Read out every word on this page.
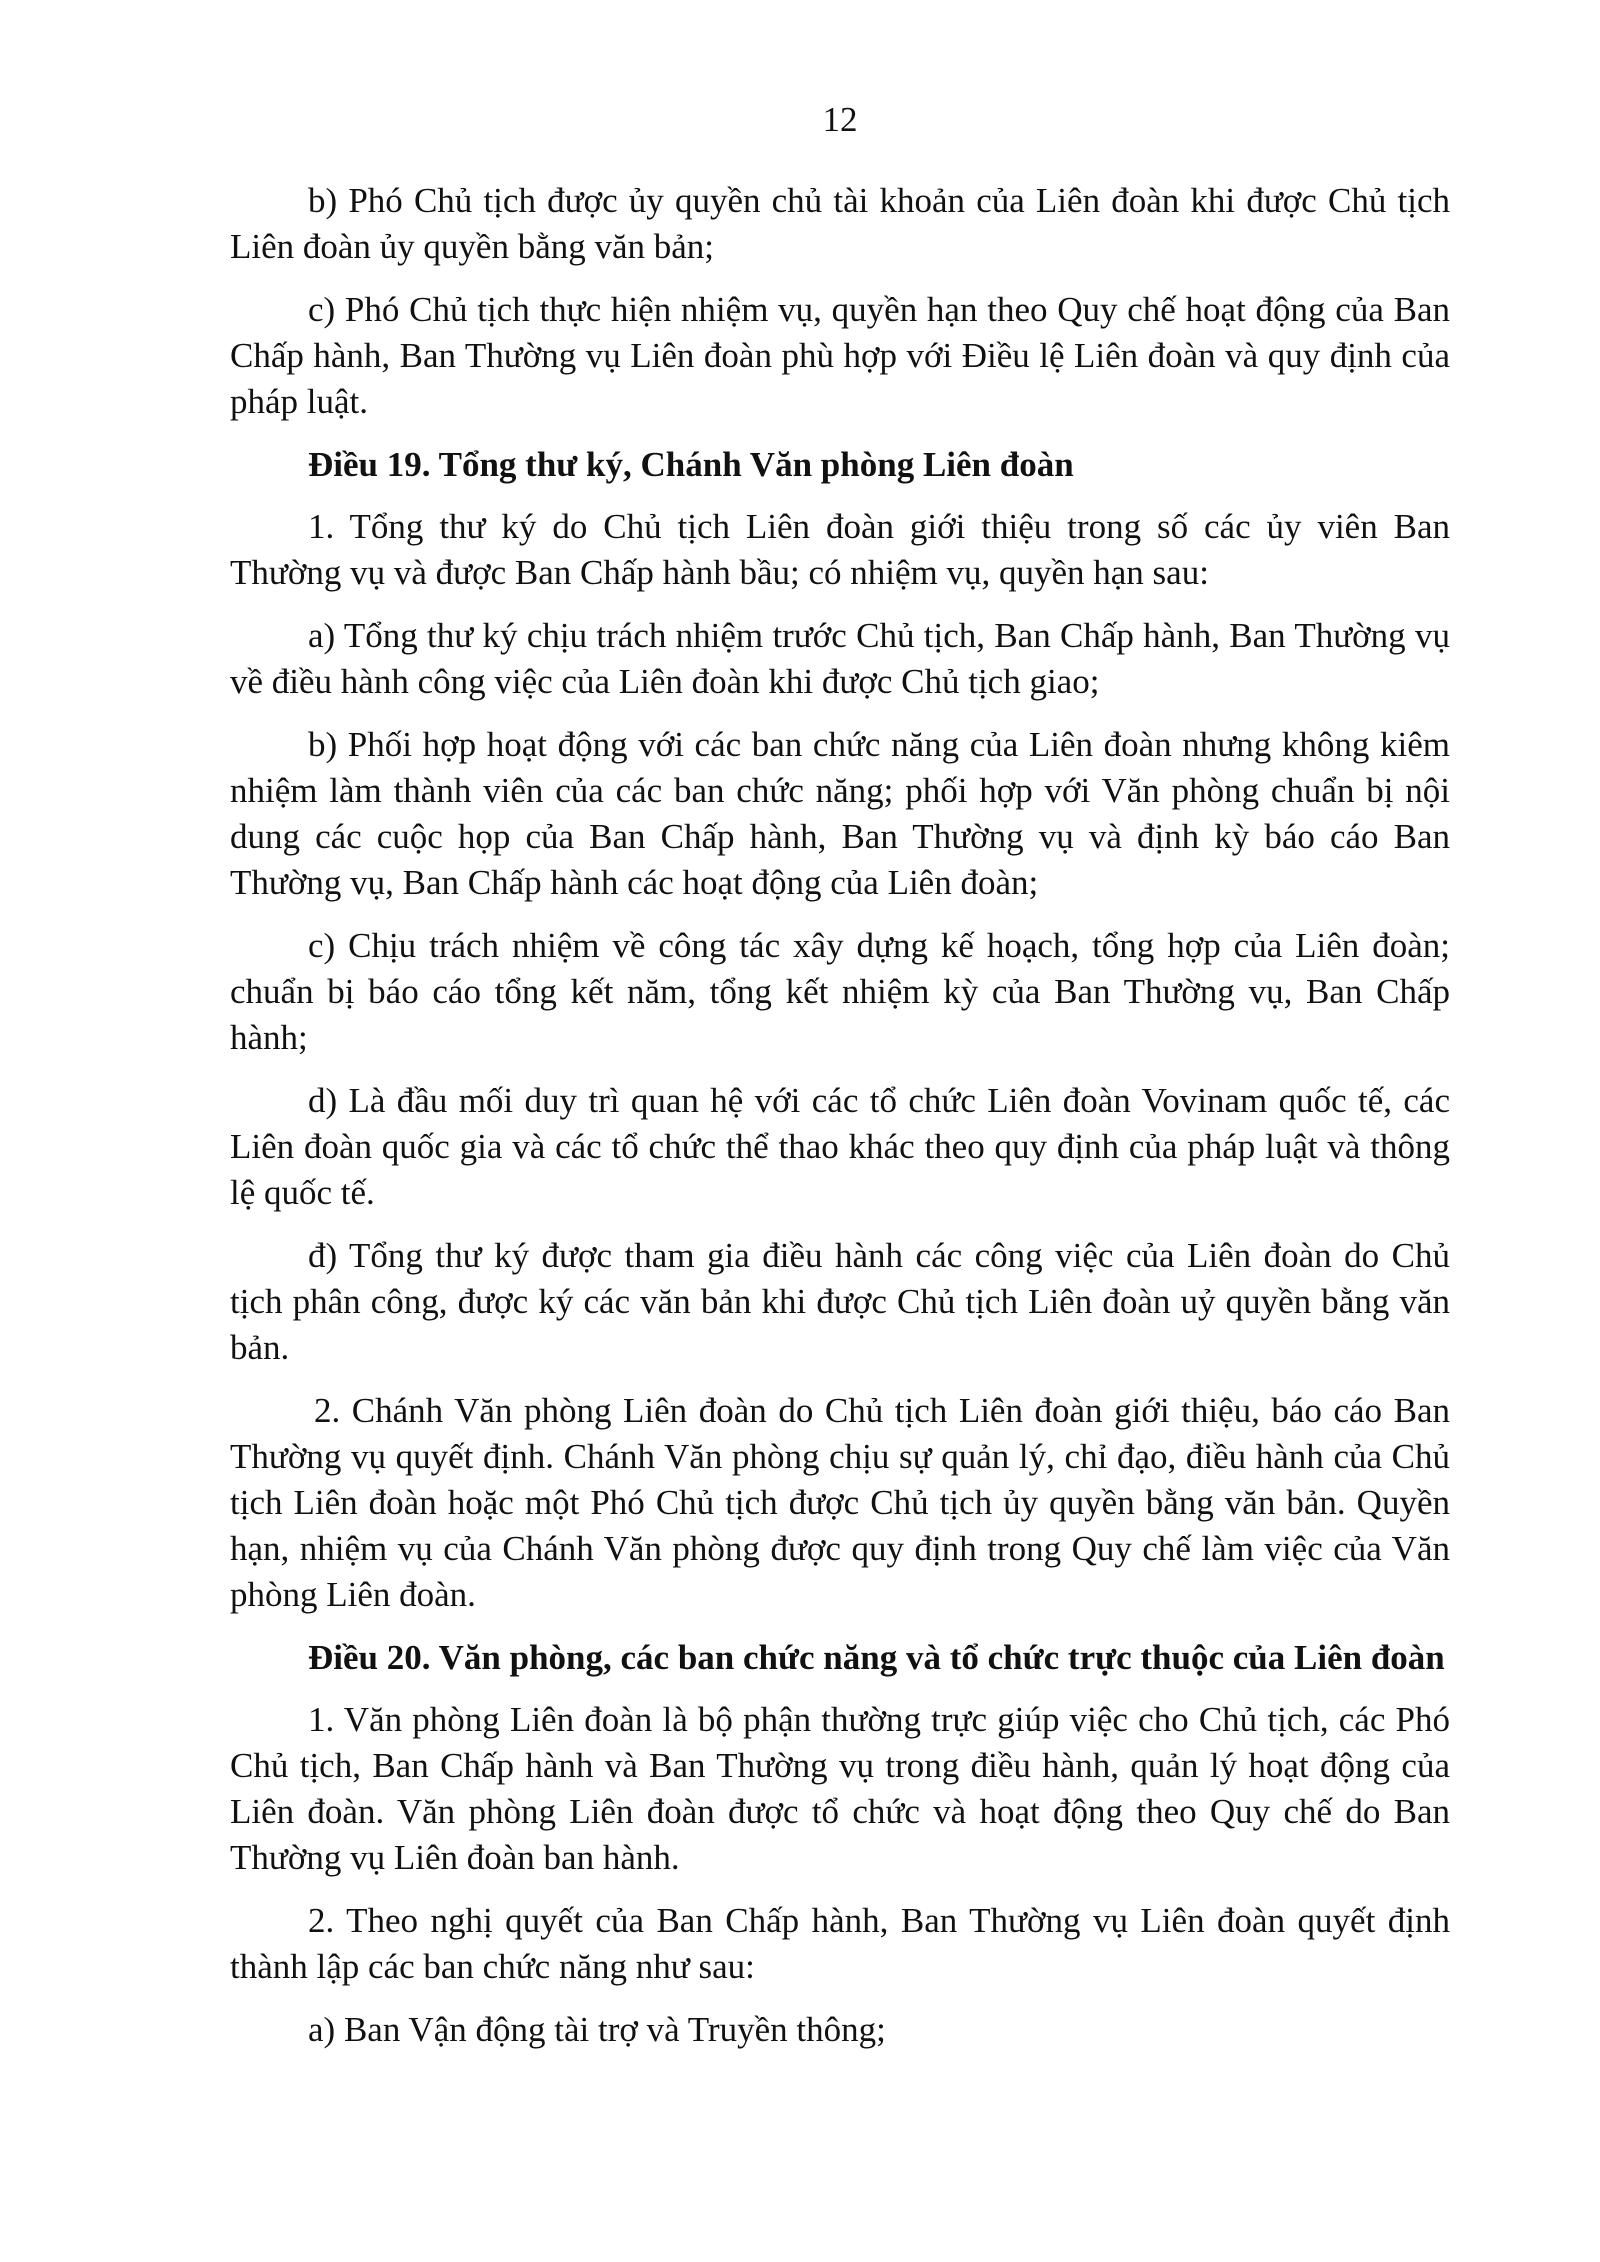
12

b) Phó Chủ tịch được ủy quyền chủ tài khoản của Liên đoàn khi được Chủ tịch Liên đoàn ủy quyền bằng văn bản;

c) Phó Chủ tịch thực hiện nhiệm vụ, quyền hạn theo Quy chế hoạt động của Ban Chấp hành, Ban Thường vụ Liên đoàn phù hợp với Điều lệ Liên đoàn và quy định của pháp luật.

Điều 19. Tổng thư ký, Chánh Văn phòng Liên đoàn

1. Tổng thư ký do Chủ tịch Liên đoàn giới thiệu trong số các ủy viên Ban Thường vụ và được Ban Chấp hành bầu; có nhiệm vụ, quyền hạn sau:

a) Tổng thư ký chịu trách nhiệm trước Chủ tịch, Ban Chấp hành, Ban Thường vụ về điều hành công việc của Liên đoàn khi được Chủ tịch giao;

b) Phối hợp hoạt động với các ban chức năng của Liên đoàn nhưng không kiêm nhiệm làm thành viên của các ban chức năng; phối hợp với Văn phòng chuẩn bị nội dung các cuộc họp của Ban Chấp hành, Ban Thường vụ và định kỳ báo cáo Ban Thường vụ, Ban Chấp hành các hoạt động của Liên đoàn;

c) Chịu trách nhiệm về công tác xây dựng kế hoạch, tổng hợp của Liên đoàn; chuẩn bị báo cáo tổng kết năm, tổng kết nhiệm kỳ của Ban Thường vụ, Ban Chấp hành;

d) Là đầu mối duy trì quan hệ với các tổ chức Liên đoàn Vovinam quốc tế, các Liên đoàn quốc gia và các tổ chức thể thao khác theo quy định của pháp luật và thông lệ quốc tế.

đ) Tổng thư ký được tham gia điều hành các công việc của Liên đoàn do Chủ tịch phân công, được ký các văn bản khi được Chủ tịch Liên đoàn uỷ quyền bằng văn bản.

2. Chánh Văn phòng Liên đoàn do Chủ tịch Liên đoàn giới thiệu, báo cáo Ban Thường vụ quyết định. Chánh Văn phòng chịu sự quản lý, chỉ đạo, điều hành của Chủ tịch Liên đoàn hoặc một Phó Chủ tịch được Chủ tịch ủy quyền bằng văn bản. Quyền hạn, nhiệm vụ của Chánh Văn phòng được quy định trong Quy chế làm việc của Văn phòng Liên đoàn.

Điều 20. Văn phòng, các ban chức năng và tổ chức trực thuộc của Liên đoàn

1. Văn phòng Liên đoàn là bộ phận thường trực giúp việc cho Chủ tịch, các Phó Chủ tịch, Ban Chấp hành và Ban Thường vụ trong điều hành, quản lý hoạt động của Liên đoàn. Văn phòng Liên đoàn được tổ chức và hoạt động theo Quy chế do Ban Thường vụ Liên đoàn ban hành.

2. Theo nghị quyết của Ban Chấp hành, Ban Thường vụ Liên đoàn quyết định thành lập các ban chức năng như sau:

a) Ban Vận động tài trợ và Truyền thông;
